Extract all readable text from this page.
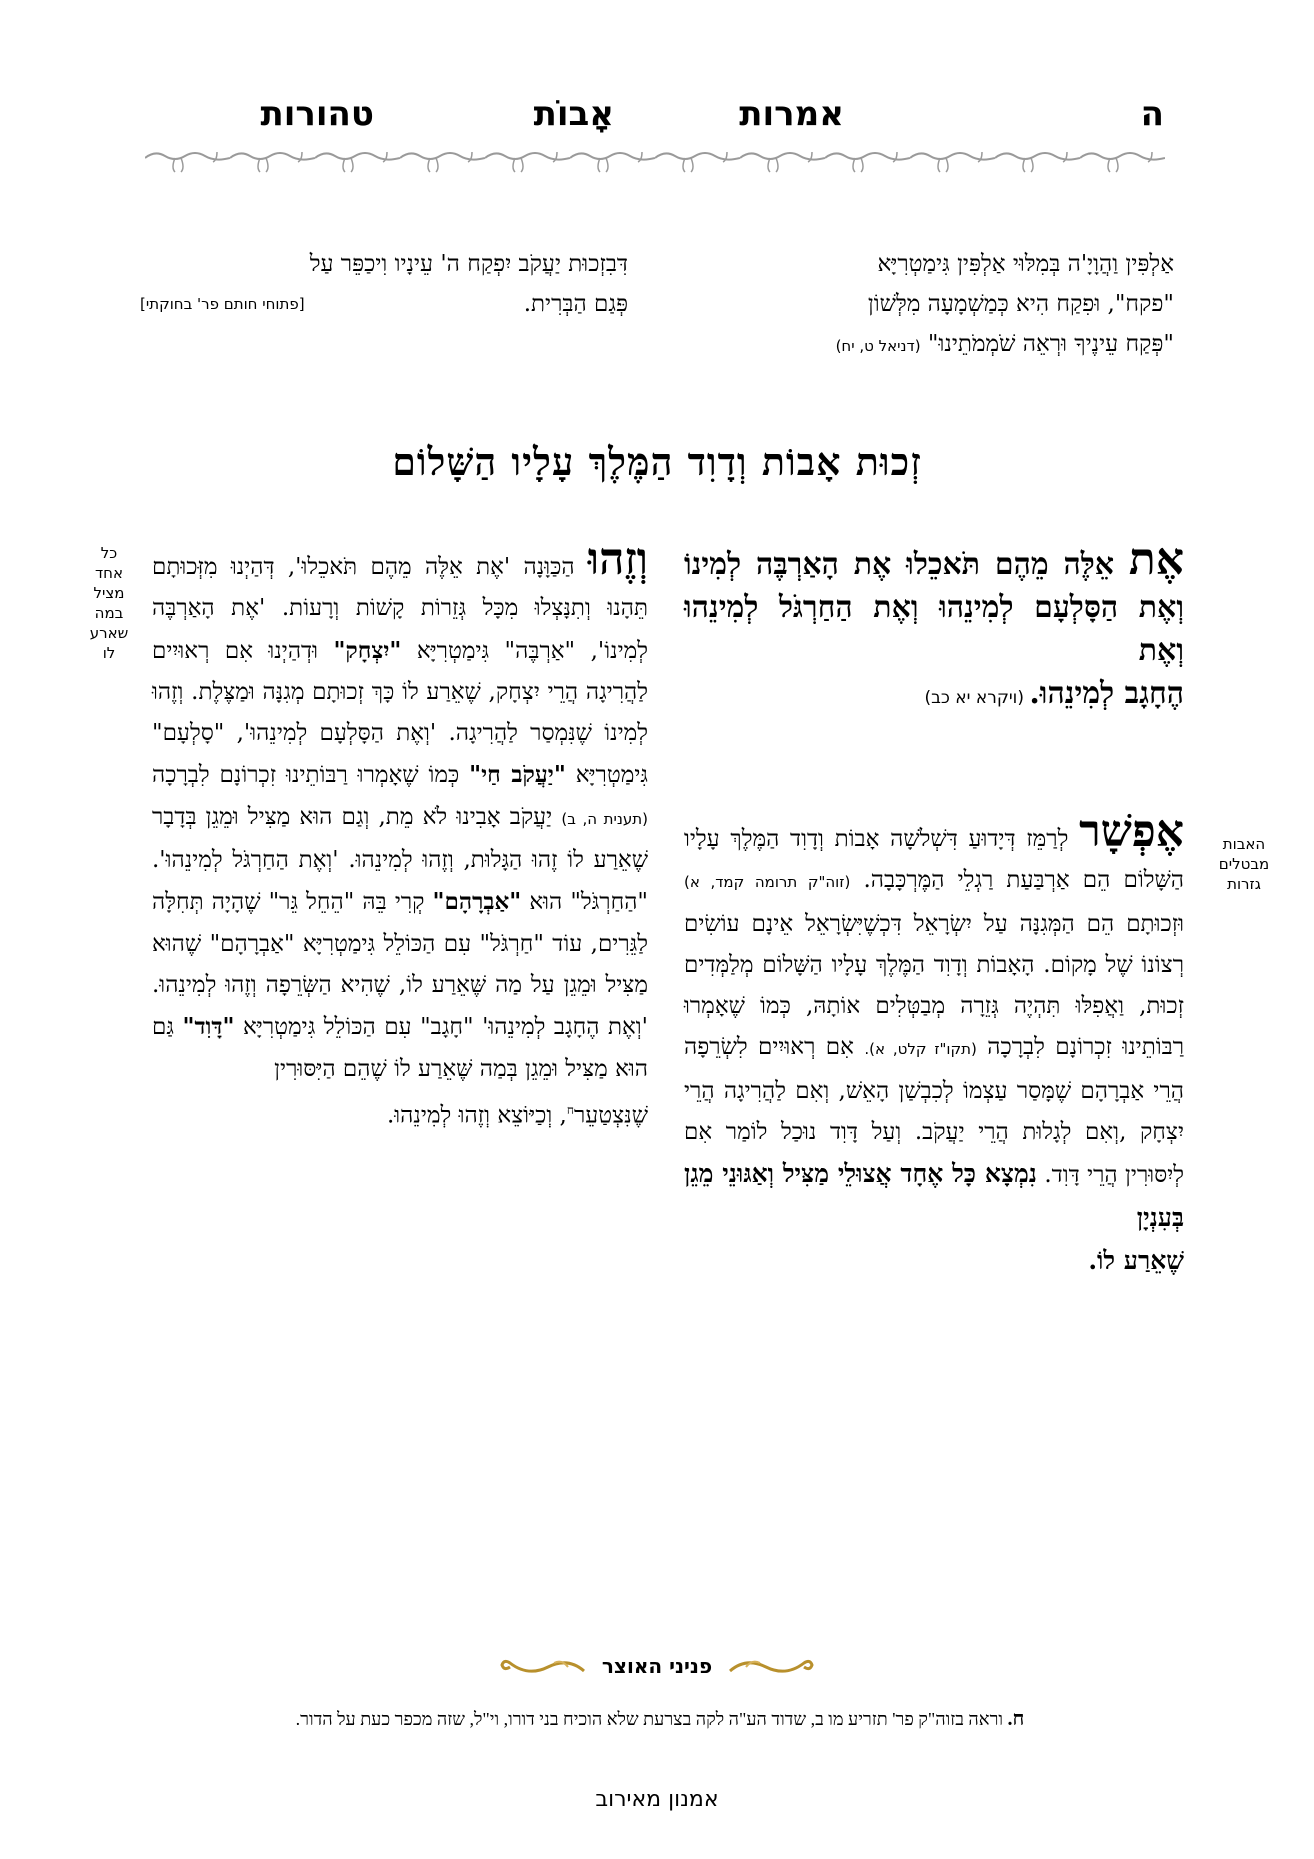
ה
אמרות
אָבוֹת
טהורות
אַלְפִּין וַהֲוָיָ'ה בְּמִלּוּי אַלְפִּין גִּימַטְרִיָּא
"פקח", וּפִקַח הִיא כְּמַשְׁמָעָה מִלְּשׁוֹן
"פְּקַח עֵינֶיךָ וּרְאֵה שֹׁמְמֹתֵינוּ" (דניאל ט, יח)
דִּבִזְכוּת יַעֲקֹב יִפְקַח ה' עֵינָיו וִיכַפֵּר עַל
פְּגַם הַבְּרִית.
[פתוחי חותם פר' בחוקתי]
זְכוּת אָבוֹת וְדָוִד הַמֶּלֶךְ עָלָיו הַשָּׁלוֹם
אֶת אֵלֶּה מֵהֶם תֹּאכֵלוּ אֶת הָאַרְבֶּה לְמִינוֹ וְאֶת הַסָּלְעָם לְמִינֵהוּ וְאֶת הַחַרְגֹּל לְמִינֵהוּ וְאֶת
הֶחָגָב לְמִינֵהוּ. (ויקרא יא כב)
אֶפְשָׁר לְרַמֵּז דְּיָדוּעַ דִּשְׁלֹשָׁה אָבוֹת וְדָוִד הַמֶּלֶךְ עָלָיו הַשָּׁלוֹם הֵם אַרְבַּעַת רַגְלֵי הַמֶּרְכָּבָה. (זוה"ק תרומה קמד, א) וּזְכוּתָם הֵם הַמְּגִנָּה עַל יִשְׂרָאֵל דִּכְשֶׁיִּשְׂרָאֵל אֵינָם עוֹשִׂים רְצוֹנוֹ שֶׁל מָקוֹם. הָאָבוֹת וְדָוִד הַמֶּלֶךְ עָלָיו הַשָּׁלוֹם מְלַמְּדִים זְכוּת, וַאֲפִלּוּ תִּהְיֶה גְּזֵרָה מְבַטְּלִים אוֹתָהּ, כְּמוֹ שֶׁאָמְרוּ רַבּוֹתֵינוּ זִכְרוֹנָם לִבְרָכָה (תקו"ז קלט, א). אִם רְאוּיִים לִשְׂרֵפָה הֲרֵי אַבְרָהָם שֶׁמָּסַר עַצְמוֹ לְכִבְשַׁן הָאֵשׁ, וְאִם לַהֲרִיגָה הֲרֵי יִצְחָק ,וְאִם לְגָלוּת הֲרֵי יַעֲקֹב. וְעַל דָּוִד נוּכַל לוֹמַר אִם לְיִסּוּרִין הֲרֵי דָּוִד. נִמְצָא כָּל אֶחָד אֲצוּלֵי מַצִּיל וְאַגּוּנֵי מֵגֵן בְּעִנְיָן
שֶׁאֵרַע לוֹ.
האבות
מבטלים
גזרות
וְזֶהוּ הַכַּוָּנָה 'אֶת אֵלֶּה מֵהֶם תֹּאכֵלוּ', דְּהַיְנוּ מִזְּכוּתָם תֵּהָנוּ וְתִנָּצְלוּ מִכָּל גְּזֵרוֹת קָשׁוֹת וְרָעוֹת. 'אֶת הָאַרְבֶּה לְמִינוֹ', "אַרְבֶּה" גִּימַטְרִיָּא "יִצְחָק" וּדְהַיְנוּ אִם רְאוּיִים לַהֲרִיגָה הֲרֵי יִצְחָק, שֶׁאֵרַע לוֹ כָּךְ זְכוּתָם מְגִנָּה וּמַצֶּלֶת. וְזֶהוּ לְמִינוֹ שֶׁנִּמְסַר לַהֲרִיגָה. 'וְאֶת הַסָּלְעָם לְמִינֵהוּ', "סָלְעָם" גִּימַטְרִיָּא "יַעֲקֹב חַי" כְּמוֹ שֶׁאָמְרוּ רַבּוֹתֵינוּ זִכְרוֹנָם לִבְרָכָה (תענית ה, ב) יַעֲקֹב אָבִינוּ לֹא מֵת, וְגַם הוּא מַצִּיל וּמֵגֵן בְּדָבָר שֶׁאֵרַע לוֹ זֶהוּ הַגָּלוּת, וְזֶהוּ לְמִינֵהוּ. 'וְאֶת הַחַרְגֹּל לְמִינֵהוּ'. "הַחַרְגֹּל" הוּא "אַבְרָהָם" קְרִי בֵּהּ "הֵחֵל גֵּר" שֶׁהָיָה תְּחִלָּה לַגֵּרִים, עוֹד "חַרְגֹּל" עִם הַכּוֹלֵל גִּימַטְרִיָּא "אַבְרָהָם" שֶׁהוּא מַצִּיל וּמֵגֵן עַל מַה שֶּׁאֵרַע לוֹ, שֶׁהִיא הַשְּׂרֵפָה וְזֶהוּ לְמִינֵהוּ. 'וְאֶת הֶחָגָב לְמִינֵהוּ' "חָגָב" עִם הַכּוֹלֵל גִּימַטְרִיָּא "דָּוִד" גַּם הוּא מַצִּיל וּמֵגֵן בְּמַה שֶּׁאֵרַע לוֹ שֶׁהֵם הַיִּסּוּרִין
שֶׁנִּצְטַעֵר$^ח$, וְכַיּוֹצֵא וְזֶהוּ לְמִינֵהוּ.
כל
אחד
מציל
במה
שארע
לו
פניני האוצר
ח. וראה בזוה"ק פר' תזריע מו ב, שדוד הע"ה לקה בצרעת שלא הוכיח בני דורו, וי"ל, שזה מכפר כעת על הדור.
אמנון מאירוב
